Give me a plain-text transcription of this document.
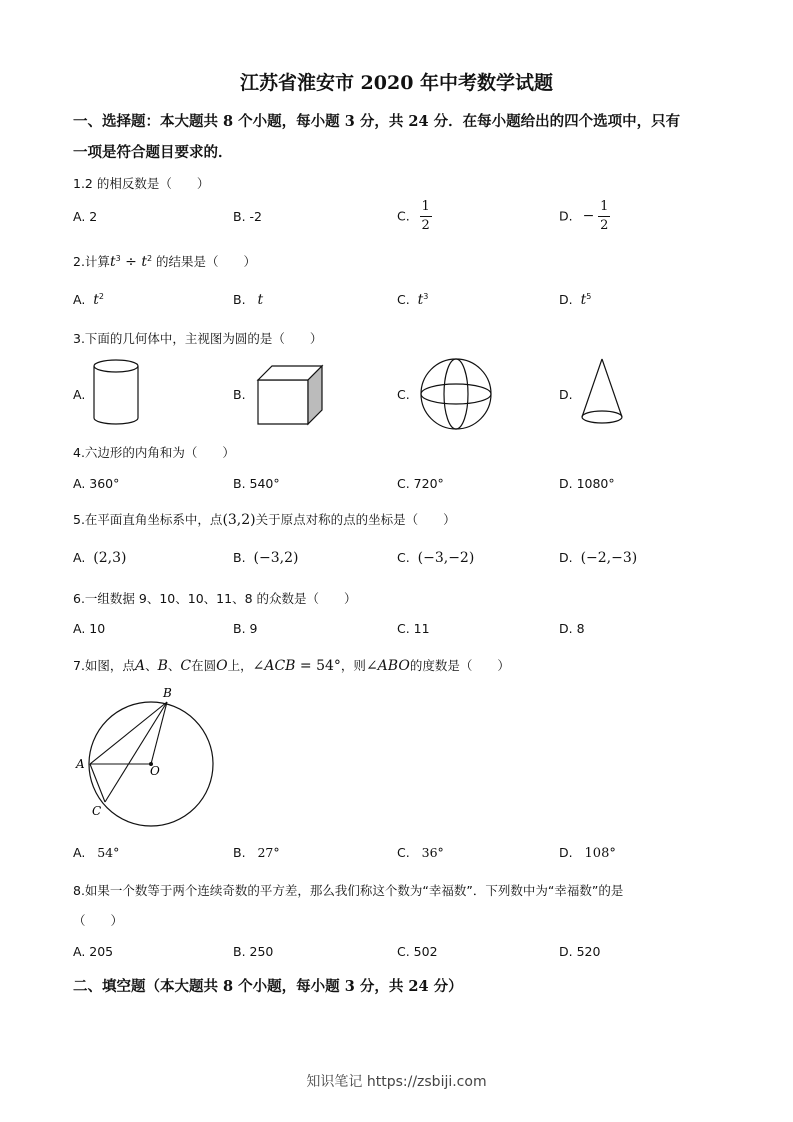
江苏省淮安市 2020 年中考数学试题
一、选择题：本大题共 8 个小题，每小题 3 分，共 24 分．在每小题给出的四个选项中，只有
一项是符合题目要求的．
1.2 的相反数是（　　）
A. 2	B. -2	C. $\frac{1}{2}$	D. − $\frac{1}{2}$
2.计算$t^3 \div t^2$ 的结果是（　　）
A. $t^2$	B. t	C. $t^3$	D. $t^5$
3.下面的几何体中，主视图为圆的是（　　）
A.	B.	C.	D.
4.六边形的内角和为（　　）
A. 360°	B. 540°	C. 720°	D. 1080°
5.在平面直角坐标系中，点(3,2)关于原点对称的点的坐标是（　　）
A. (2,3)	B. (−3,2)	C. (−3,−2)	D. (−2,−3)
6.一组数据 9、10、10、11、8 的众数是（　　）
A. 10	B. 9	C. 11	D. 8
7.如图，点A、B、C在圆O上，∠ACB = 54°，则∠ABO的度数是（　　）
B
A	O
C
A. 54°	B. 27°	C. 36°	D. 108°
8.如果一个数等于两个连续奇数的平方差，那么我们称这个数为“幸福数”．下列数中为“幸福数”的是
（　　）
A. 205	B. 250	C. 502	D. 520
二、填空题（本大题共 8 个小题，每小题 3 分，共 24 分）
知识笔记 https://zsbiji.com
